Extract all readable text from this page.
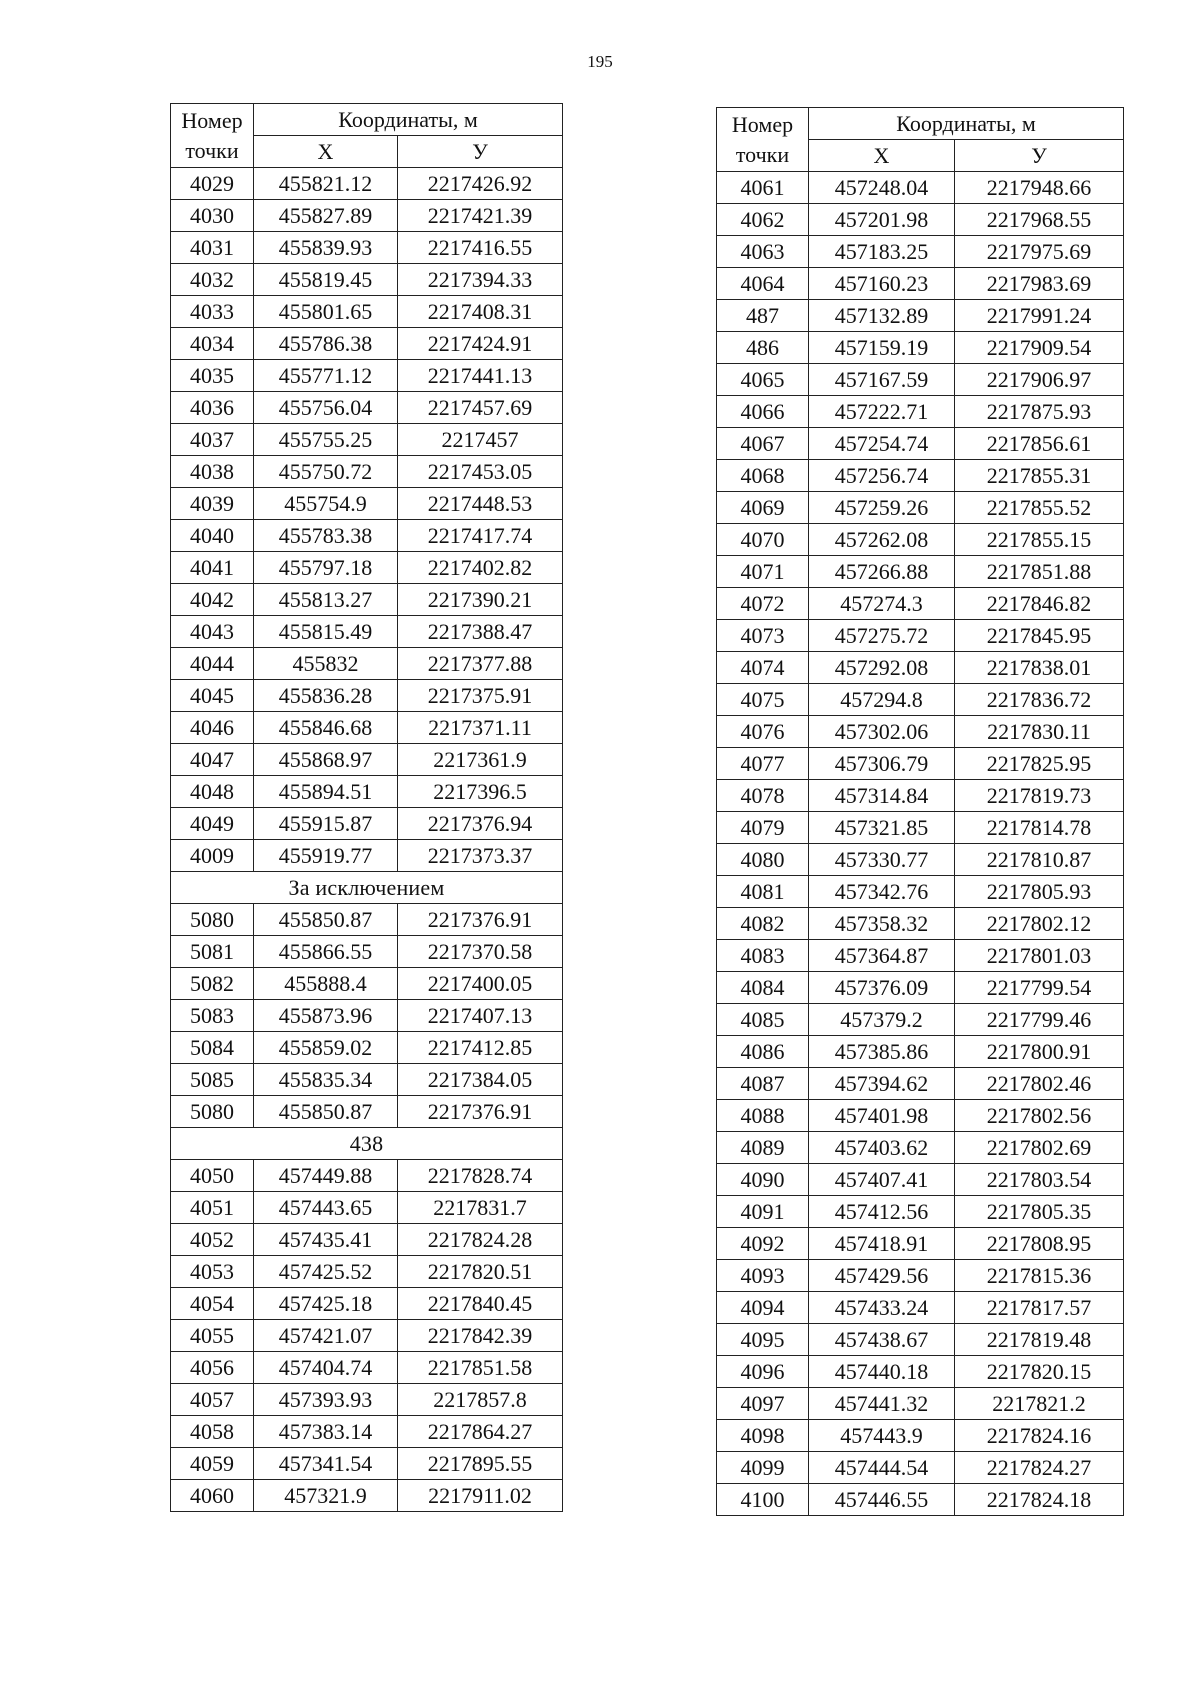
195
Номер
точки	Координаты, м	
	X	У
4029	455821.12	2217426.92
4030	455827.89	2217421.39
4031	455839.93	2217416.55
4032	455819.45	2217394.33
4033	455801.65	2217408.31
4034	455786.38	2217424.91
4035	455771.12	2217441.13
4036	455756.04	2217457.69
4037	455755.25	2217457
4038	455750.72	2217453.05
4039	455754.9	2217448.53
4040	455783.38	2217417.74
4041	455797.18	2217402.82
4042	455813.27	2217390.21
4043	455815.49	2217388.47
4044	455832	2217377.88
4045	455836.28	2217375.91
4046	455846.68	2217371.11
4047	455868.97	2217361.9
4048	455894.51	2217396.5
4049	455915.87	2217376.94
4009	455919.77	2217373.37
За исключением		
5080	455850.87	2217376.91
5081	455866.55	2217370.58
5082	455888.4	2217400.05
5083	455873.96	2217407.13
5084	455859.02	2217412.85
5085	455835.34	2217384.05
5080	455850.87	2217376.91
438		
4050	457449.88	2217828.74
4051	457443.65	2217831.7
4052	457435.41	2217824.28
4053	457425.52	2217820.51
4054	457425.18	2217840.45
4055	457421.07	2217842.39
4056	457404.74	2217851.58
4057	457393.93	2217857.8
4058	457383.14	2217864.27
4059	457341.54	2217895.55
4060	457321.9	2217911.02
Номер
точки	Координаты, м	
	X	У
4061	457248.04	2217948.66
4062	457201.98	2217968.55
4063	457183.25	2217975.69
4064	457160.23	2217983.69
487	457132.89	2217991.24
486	457159.19	2217909.54
4065	457167.59	2217906.97
4066	457222.71	2217875.93
4067	457254.74	2217856.61
4068	457256.74	2217855.31
4069	457259.26	2217855.52
4070	457262.08	2217855.15
4071	457266.88	2217851.88
4072	457274.3	2217846.82
4073	457275.72	2217845.95
4074	457292.08	2217838.01
4075	457294.8	2217836.72
4076	457302.06	2217830.11
4077	457306.79	2217825.95
4078	457314.84	2217819.73
4079	457321.85	2217814.78
4080	457330.77	2217810.87
4081	457342.76	2217805.93
4082	457358.32	2217802.12
4083	457364.87	2217801.03
4084	457376.09	2217799.54
4085	457379.2	2217799.46
4086	457385.86	2217800.91
4087	457394.62	2217802.46
4088	457401.98	2217802.56
4089	457403.62	2217802.69
4090	457407.41	2217803.54
4091	457412.56	2217805.35
4092	457418.91	2217808.95
4093	457429.56	2217815.36
4094	457433.24	2217817.57
4095	457438.67	2217819.48
4096	457440.18	2217820.15
4097	457441.32	2217821.2
4098	457443.9	2217824.16
4099	457444.54	2217824.27
4100	457446.55	2217824.18
